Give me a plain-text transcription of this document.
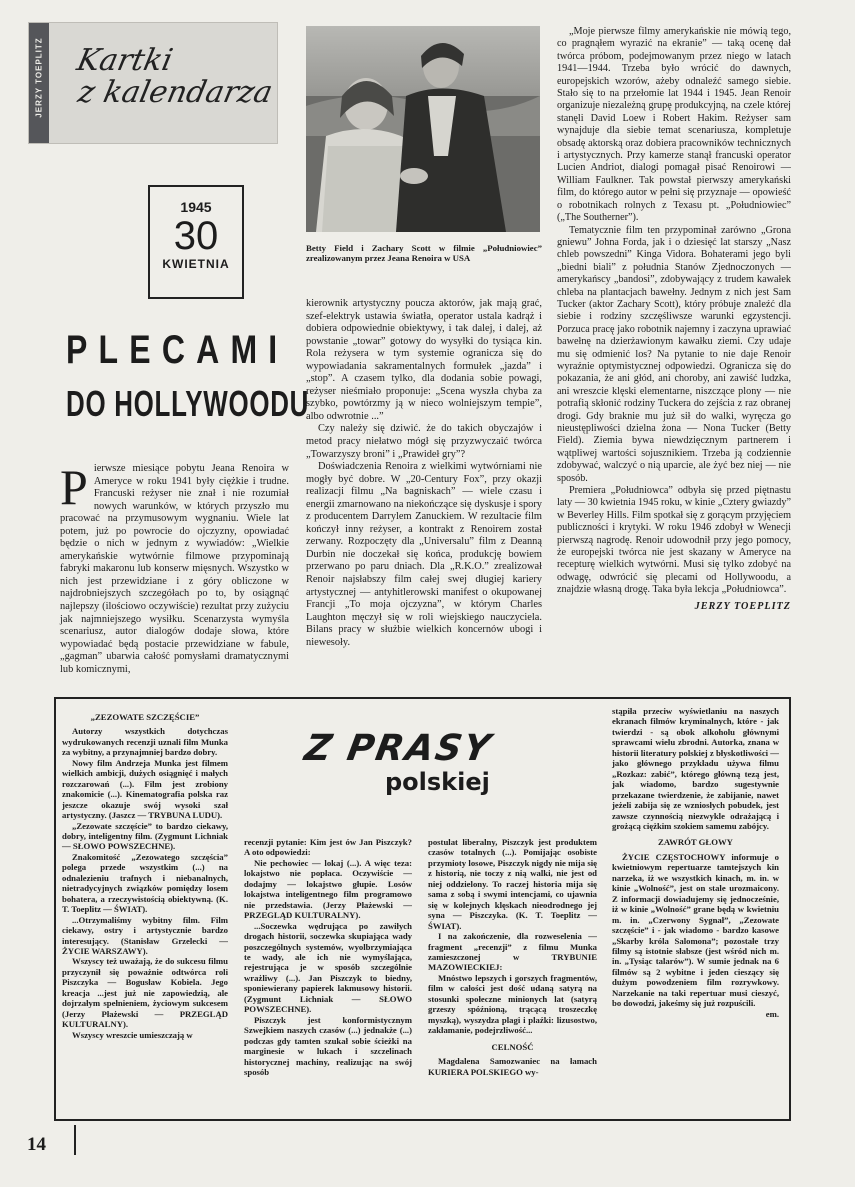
JERZY TOEPLITZ Kartki
z kalendarza
1945
30
KWIETNIA
PLECAMI
DO HOLLYWOODU
Betty Field i Zachary Scott w filmie „Południowiec” zrealizowanym przez Jeana Renoira w USA
P ierwsze miesiące pobytu Jeana Renoira w Ameryce w roku 1941 były ciężkie i trudne. Francuski reżyser nie znał i nie rozumiał nowych warunków, w których przyszło mu pracować na przymusowym wygnaniu. Wiele lat potem, już po powrocie do ojczyzny, opowiadać będzie o nich w jednym z wywiadów: „Wielkie amerykańskie wytwórnie filmowe przypominają fabryki makaronu lub konserw mięsnych. Wszystko w nich jest przewidziane i z góry obliczone w najdrobniejszych szczegółach po to, by osiągnąć najlepszy (ilościowo oczywiście) rezultat przy zużyciu jak najmniejszego wysiłku. Scenarzysta wymyśla scenariusz, autor dialogów dodaje słowa, które wypowiadać będą postacie przewidziane w fabule, „gagman” ubarwia całość pomysłami dramatycznymi lub komicznymi,

kierownik artystyczny poucza aktorów, jak mają grać, szef-elektryk ustawia światła, operator ustala kadrąż i dobiera odpowiednie obiektywy, i tak dalej, i dalej, aż powstanie „towar” gotowy do wysyłki do tysiąca kin. Rola reżysera w tym systemie ogranicza się do wypowiadania sakramentalnych formułek „jazda” i „stop”. A czasem tylko, dla dodania sobie powagi, reżyser nieśmiało proponuje: „Scena wyszła chyba za szybko, powtórzmy ją w nieco wolniejszym tempie”, albo odwrotnie ...”

Czy należy się dziwić. że do takich obyczajów i metod pracy niełatwo mógł się przyzwyczaić twórca „Towarzyszy broni” i „Prawideł gry”?

Doświadczenia Renoira z wielkimi wytwórniami nie mogły być dobre. W „20-Century Fox”, przy okazji realizacji filmu „Na bagniskach” — wiele czasu i energii zmarnowano na niekończące się dyskusje i spory z producentem Darrylem Zanuckiem. W rezultacie film kończył inny reżyser, a kontrakt z Renoirem został zerwany. Rozpoczęty dla „Universalu” film z Deanną Durbin nie doczekał się końca, produkcję bowiem przerwano po paru dniach. Dla „R.K.O.” zrealizował Renoir najsłabszy film całej swej długiej kariery artystycznej — antyhitlerowski manifest o okupowanej Francji „To moja ojczyzna”, w którym Charles Laughton męczył się w roli wiejskiego nauczyciela. Bilans pracy w służbie wielkich koncernów ubogi i niewesoły.

„Moje pierwsze filmy amerykańskie nie mówią tego, co pragnąłem wyrazić na ekranie” — taką ocenę dał twórca próbom, podejmowanym przez niego w latach 1941—1944. Trzeba było wrócić do dawnych, europejskich wzorów, ażeby odnaleźć samego siebie. Stało się to na przełomie lat 1944 i 1945. Jean Renoir organizuje niezależną grupę produkcyjną, na czele której stanęli David Loew i Robert Hakim. Reżyser sam wynajduje dla siebie temat scenariusza, kompletuje obsadę aktorską oraz dobiera pracowników technicznych i artystycznych. Przy kamerze stanął francuski operator Lucien Andriot, dialogi pomagał pisać Renoirowi — William Faulkner. Tak powstał pierwszy amerykański film, do którego autor w pełni się przyznaje — opowieść o robotnikach rolnych z Texasu pt. „Południowiec” („The Southerner”).

Tematycznie film ten przypominał zarówno „Grona gniewu” Johna Forda, jak i o dziesięć lat starszy „Nasz chleb powszedni” Kinga Vidora. Bohaterami jego byli „biedni biali” z południa Stanów Zjednoczonych — amerykańscy „bandosi”, zdobywający z trudem kawałek chleba na plantacjach bawełny. Jednym z nich jest Sam Tucker (aktor Zachary Scott), który próbuje znaleźć dla siebie i rodziny szczęśliwsze warunki egzystencji. Porzuca pracę jako robotnik najemny i zaczyna uprawiać bawełnę na dzierżawionym kawałku ziemi. Czy udaje mu się odmienić los? Na pytanie to nie daje Renoir wyraźnie optymistycznej odpowiedzi. Ogranicza się do pokazania, że ani głód, ani choroby, ani zawiść ludzka, ani wreszcie klęski elementarne, niszczące plony — nie potrafią skłonić rodziny Tuckera do zejścia z raz obranej drogi. Gdy braknie mu już sił do walki, wyręcza go nieustępliwości dzielna żona — Nona Tucker (Betty Field). Ziemia bywa niewdzięcznym partnerem i wątpliwej wartości sojusznikiem. Trzeba ją codziennie zdobywać, walczyć o nią uparcie, ale żyć bez niej — nie sposób.

Premiera „Południowca” odbyła się przed piętnastu laty — 30 kwietnia 1945 roku, w kinie „Cztery gwiazdy” w Beverley Hills. Film spotkał się z gorącym przyjęciem publiczności i krytyki. W roku 1946 zdobył w Wenecji pierwszą nagrodę. Renoir udowodnił przy jego pomocy, że europejski twórca nie jest skazany w Ameryce na recepturę wielkich wytwórni. Musi się tylko zdobyć na odwagę, odwrócić się plecami od Hollywoodu, a znajdzie własną drogę. Taka była lekcja „Południowca”.

JERZY TOEPLITZ
Z PRASY
polskiej
„ZEZOWATE SZCZĘŚCIE”

Autorzy wszystkich dotychczas wydrukowanych recenzji uznali film Munka za wybitny, a przynajmniej bardzo dobry.

Nowy film Andrzeja Munka jest filmem wielkich ambicji, dużych osiągnięć i małych rozczarowań (...). Film jest zrobiony znakomicie (...). Kinematografia polska raz jeszcze okazuje swój wysoki szał artystyczny. (Jaszcz — TRYBUNA LUDU).

„Zezowate szczęście” to bardzo ciekawy, dobry, inteligentny film. (Zygmunt Lichniak — SŁOWO POWSZECHNE).

Znakomitość „Zezowatego szczęścia” polega przede wszystkim (...) na odnalezieniu trafnych i niebanalnych, nietradycyjnych związków pomiędzy losem bohatera, a rzeczywistością obiektywną. (K. T. Toeplitz — ŚWIAT).

...Otrzymaliśmy wybitny film. Film ciekawy, ostry i artystycznie bardzo interesujący. (Stanisław Grzelecki — ŻYCIE WARSZAWY).

Wszyscy też uważają, że do sukcesu filmu przyczynił się poważnie odtwórca roli Piszczyka — Bogusław Kobiela. Jego kreacja ...jest już nie zapowiedzią, ale dojrzałym spełnieniem, życiowym sukcesem (Jerzy Płażewski — PRZEGLĄD KULTURALNY).

Wszyscy wreszcie umieszczają w

recenzji pytanie: Kim jest ów Jan Piszczyk? A oto odpowiedzi:

Nie pechowiec — lokaj (...). A więc teza: lokajstwo nie popłaca. Oczywiście — dodajmy — lokajstwo głupie. Losów lokajstwa inteligentnego film programowo nie przedstawia. (Jerzy Płażewski — PRZEGLĄD KULTURALNY).

...Soczewka wędrująca po zawiłych drogach historii, soczewka skupiająca wady poszczególnych systemów, wyolbrzymiająca te wady, ale ich nie wymyślająca, rejestrująca je w sposób szczególnie wrażliwy (...). Jan Piszczyk to biedny, sponiewierany papierek lakmusowy historii. (Zygmunt Lichniak — SŁOWO POWSZECHNE).

Piszczyk jest konformistycznym Szwejkiem naszych czasów (...) jednakże (...) podczas gdy tamten szukał sobie ścieżki na marginesie w lukach i szczelinach historycznej machiny, realizując na swój sposób

postulat liberalny, Piszczyk jest produktem czasów totalnych (...). Pomijając osobiste przymioty losowe, Piszczyk nigdy nie mija się z historią, nie toczy z nią walki, nie jest od niej oddzielony. To raczej historia mija się sama z sobą i swymi intencjami, co ujawnia się w kolejnych klęskach nieodrodnego jej syna — Piszczyka. (K. T. Toeplitz — ŚWIAT).

I na zakończenie, dla rozweselenia — fragment „recenzji” z filmu Munka zamieszczonej w TRYBUNIE MAZOWIECKIEJ:

Mnóstwo lepszych i gorszych fragmentów, film w całości jest dość udaną satyrą na stosunki społeczne minionych lat (satyrą grzeszy spóźnioną, trącącą troszeczkę myszką), wyszydza plagi i plaźki: lizusostwo, zakłamanie, podejrzliwość...

CELNOŚĆ

Magdalena Samozwaniec na łamach KURIERA POLSKIEGO wy-

stąpiła przeciw wyświetlaniu na naszych ekranach filmów kryminalnych, które - jak twierdzi - są obok alkoholu głównymi sprawcami wielu zbrodni. Autorka, znana w historii literatury polskiej z błyskotliwości — jako głównego przykładu używa filmu „Rozkaz: zabić”, którego główną tezą jest, jak wiadomo, bardzo sugestywnie przekazane twierdzenie, że zabijanie, nawet jeżeli zabija się ze wzniosłych pobudek, jest zawsze czynnością niezwykle odrażającą i grożącą ciężkim szokiem samemu zabójcy.

ZAWRÓT GŁOWY

ŻYCIE CZĘSTOCHOWY informuje o kwietniowym repertuarze tamtejszych kin narzeka, iż we wszystkich kinach, m. in. w kinie „Wolność”, jest on stale urozmaicony. Z informacji dowiadujemy się jednocześnie, iż w kinie „Wolność” grane będą w kwietniu m. in. „Czerwony Sygnał”, „Zezowate szczęście” i - jak wiadomo - bardzo kasowe „Skarby króla Salomona”; pozostałe trzy filmy są istotnie słabsze (jest wśród nich m. in. „Tysiąc talarów”). W sumie jednak na 6 filmów są 2 wybitne i jeden cieszący się dużym powodzeniem film rozrywkowy. Narzekanie na taki repertuar musi cieszyć, bo dowodzi, jakeśmy się już rozpuścili.

em.
14
